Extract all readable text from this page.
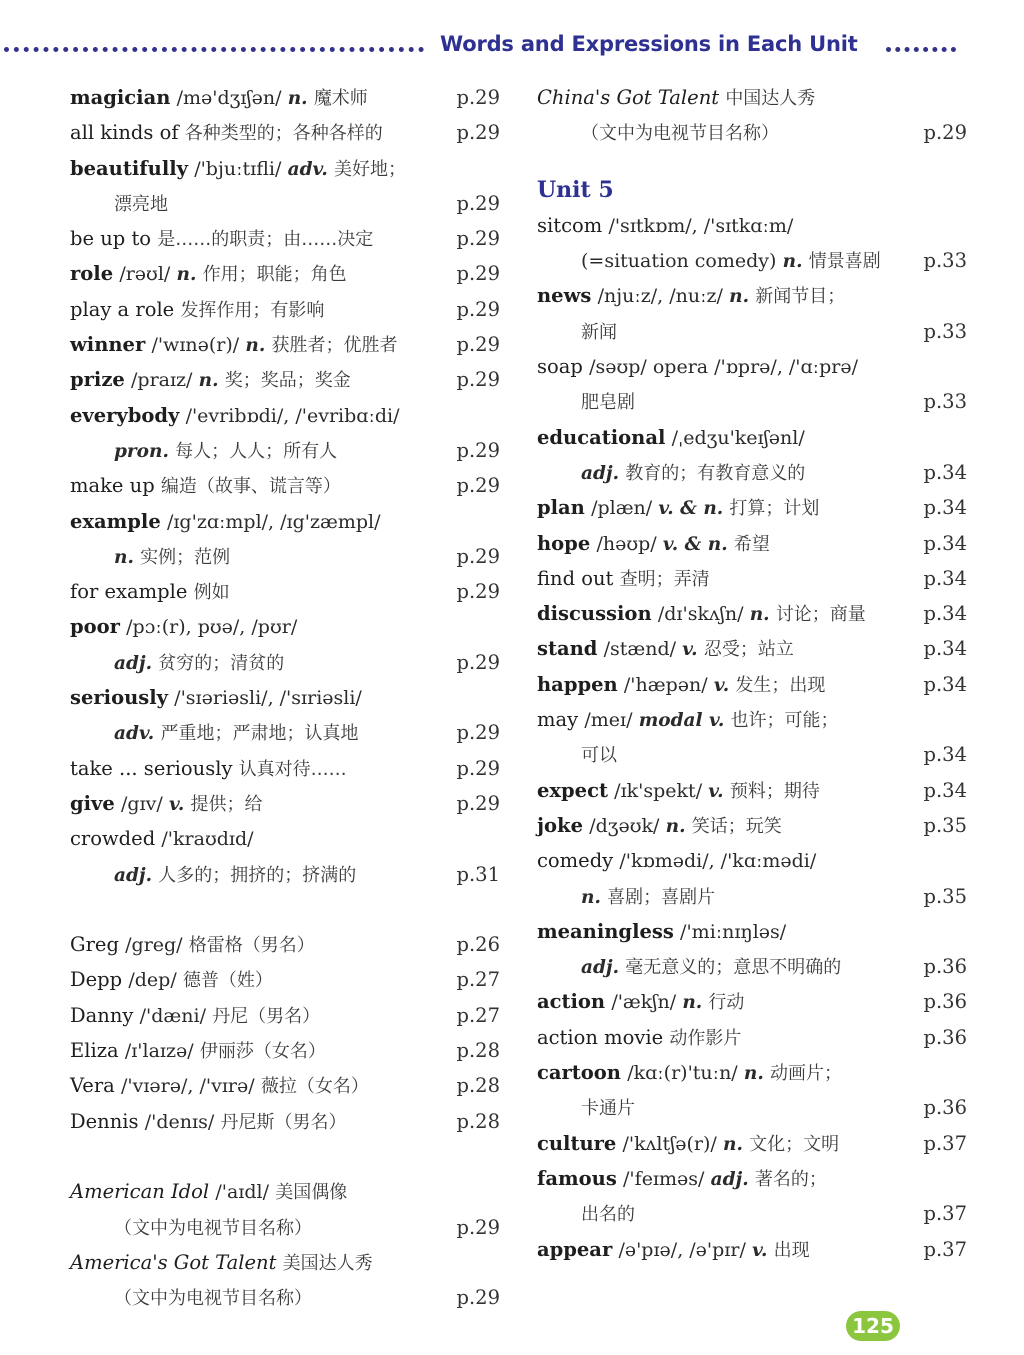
Words and Expressions in Each Unit
magician /mə'dʒɪʃən/ n. 魔术师	p.29
all kinds of 各种类型的；各种各样的	p.29
beautifully /'bjuːtɪfli/ adv. 美好地；
漂亮地	p.29
be up to 是……的职责；由……决定	p.29
role /rəʊl/ n. 作用；职能；角色	p.29
play a role 发挥作用；有影响	p.29
winner /'wɪnə(r)/ n. 获胜者；优胜者	p.29
prize /praɪz/ n. 奖；奖品；奖金	p.29
everybody /'evribɒdi/, /'evribɑːdi/
pron. 每人；人人；所有人	p.29
make up 编造（故事、谎言等）	p.29
example /ɪg'zɑːmpl/, /ɪg'zæmpl/
n. 实例；范例	p.29
for example 例如	p.29
poor /pɔː(r), pʊə/, /pʊr/
adj. 贫穷的；清贫的	p.29
seriously /'sɪəriəsli/, /'sɪriəsli/
adv. 严重地；严肃地；认真地	p.29
take ... seriously 认真对待……	p.29
give /gɪv/ v. 提供；给	p.29
crowded /'kraʊdɪd/
adj. 人多的；拥挤的；挤满的	p.31
Greg /greg/ 格雷格（男名）	p.26
Depp /dep/ 德普（姓）	p.27
Danny /'dæni/ 丹尼（男名）	p.27
Eliza /ɪ'laɪzə/ 伊丽莎（女名）	p.28
Vera /'vɪərə/, /'vɪrə/ 薇拉（女名）	p.28
Dennis /'denɪs/ 丹尼斯（男名）	p.28
American Idol /'aɪdl/ 美国偶像
（文中为电视节目名称）	p.29
America's Got Talent 美国达人秀
（文中为电视节目名称）	p.29
China's Got Talent 中国达人秀
（文中为电视节目名称）	p.29
Unit 5
sitcom /'sɪtkɒm/, /'sɪtkɑːm/
(=situation comedy) n. 情景喜剧 p.33
news /njuːz/, /nuːz/ n. 新闻节目；
新闻	p.33
soap /səʊp/ opera /'ɒprə/, /'ɑːprə/
肥皂剧	p.33
educational /ˌedʒu'keɪʃənl/
adj. 教育的；有教育意义的	p.34
plan /plæn/ v. & n. 打算；计划	p.34
hope /həʊp/ v. & n. 希望	p.34
find out 查明；弄清	p.34
discussion /dɪ'skʌʃn/ n. 讨论；商量	p.34
stand /stænd/ v. 忍受；站立	p.34
happen /'hæpən/ v. 发生；出现	p.34
may /meɪ/ modal v. 也许；可能；
可以	p.34
expect /ɪk'spekt/ v. 预料；期待	p.34
joke /dʒəʊk/ n. 笑话；玩笑	p.35
comedy /'kɒmədi/, /'kɑːmədi/
n. 喜剧；喜剧片	p.35
meaningless /'miːnɪŋləs/
adj. 毫无意义的；意思不明确的	p.36
action /'ækʃn/ n. 行动	p.36
action movie 动作影片	p.36
cartoon /kɑː(r)'tuːn/ n. 动画片；
卡通片	p.36
culture /'kʌltʃə(r)/ n. 文化；文明	p.37
famous /'feɪməs/ adj. 著名的；
出名的	p.37
appear /ə'pɪə/, /ə'pɪr/ v. 出现	p.37
125
